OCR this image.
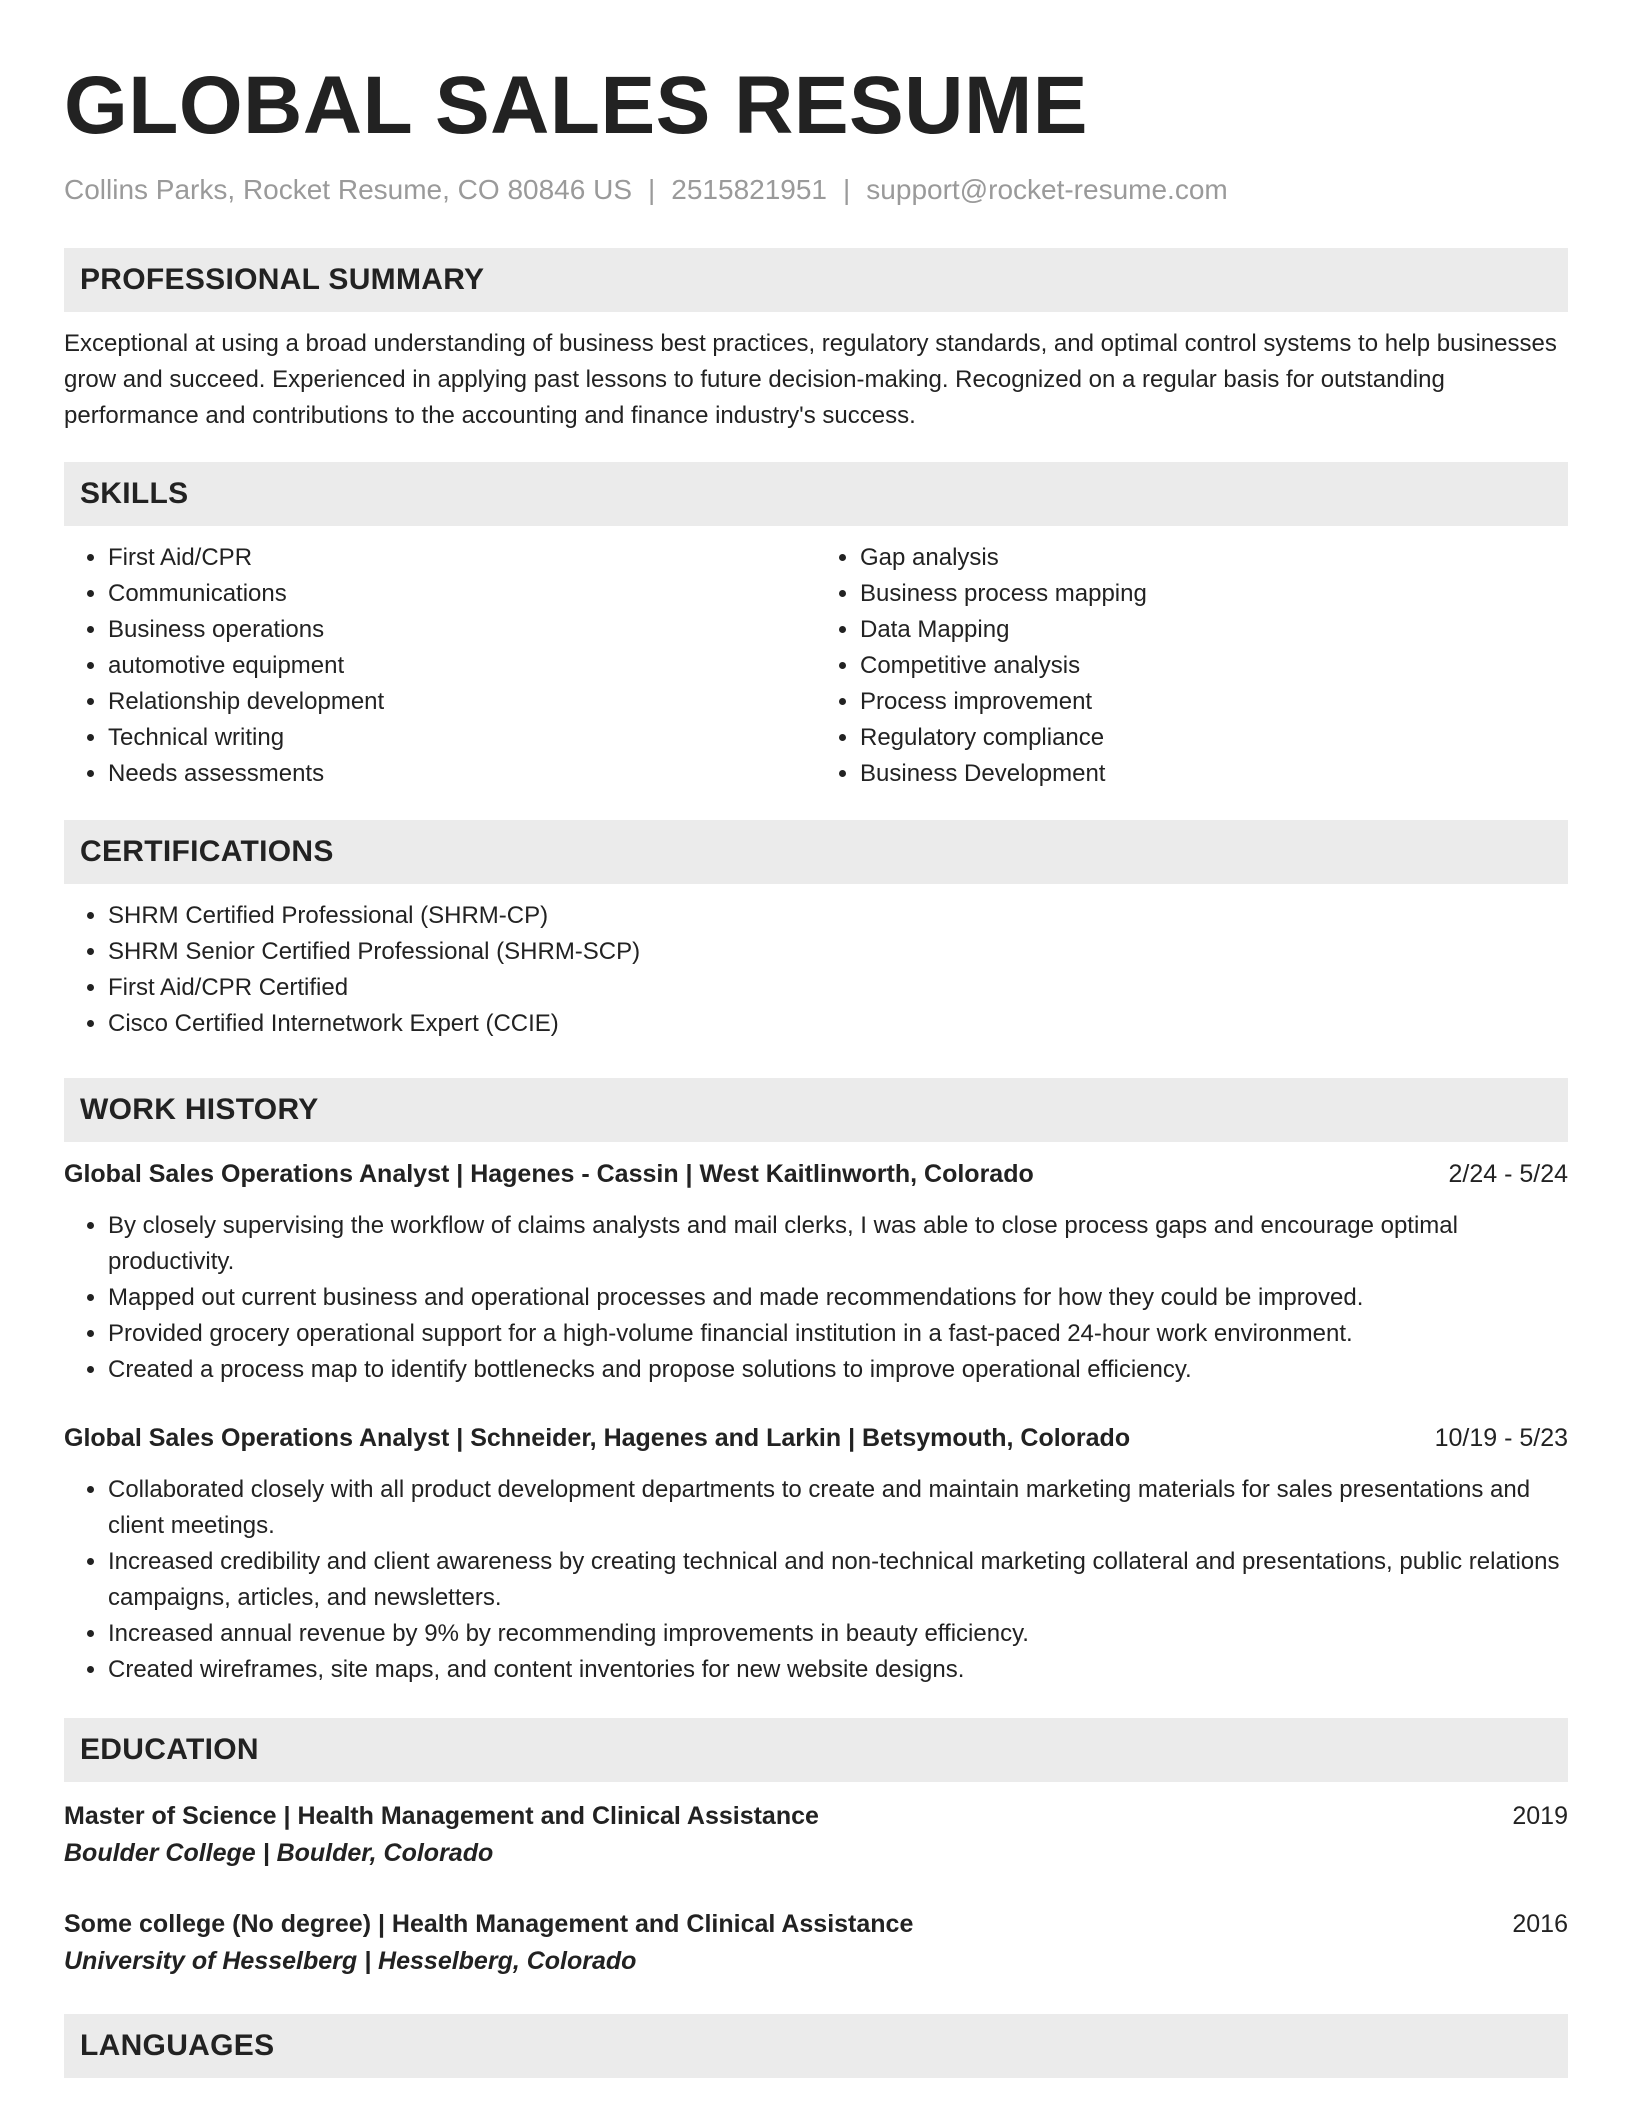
GLOBAL SALES RESUME
Collins Parks, Rocket Resume, CO 80846 US | 2515821951 | support@rocket-resume.com
PROFESSIONAL SUMMARY

Exceptional at using a broad understanding of business best practices, regulatory standards, and optimal control systems to help businesses grow and succeed. Experienced in applying past lessons to future decision-making. Recognized on a regular basis for outstanding performance and contributions to the accounting and finance industry's success.

SKILLS
• First Aid/CPR
• Communications
• Business operations
• automotive equipment
• Relationship development
• Technical writing
• Needs assessments
• Gap analysis
• Business process mapping
• Data Mapping
• Competitive analysis
• Process improvement
• Regulatory compliance
• Business Development
CERTIFICATIONS
• SHRM Certified Professional (SHRM-CP)
• SHRM Senior Certified Professional (SHRM-SCP)
• First Aid/CPR Certified
• Cisco Certified Internetwork Expert (CCIE)
WORK HISTORY
Global Sales Operations Analyst | Hagenes - Cassin | West Kaitlinworth, Colorado	2/24 - 5/24
• By closely supervising the workflow of claims analysts and mail clerks, I was able to close process gaps and encourage optimal productivity.
• Mapped out current business and operational processes and made recommendations for how they could be improved.
• Provided grocery operational support for a high-volume financial institution in a fast-paced 24-hour work environment.
• Created a process map to identify bottlenecks and propose solutions to improve operational efficiency.
Global Sales Operations Analyst | Schneider, Hagenes and Larkin | Betsymouth, Colorado	10/19 - 5/23
• Collaborated closely with all product development departments to create and maintain marketing materials for sales presentations and client meetings.
• Increased credibility and client awareness by creating technical and non-technical marketing collateral and presentations, public relations campaigns, articles, and newsletters.
• Increased annual revenue by 9% by recommending improvements in beauty efficiency.
• Created wireframes, site maps, and content inventories for new website designs.
EDUCATION
Master of Science | Health Management and Clinical Assistance	2019
Boulder College | Boulder, Colorado
Some college (No degree) | Health Management and Clinical Assistance	2016
University of Hesselberg | Hesselberg, Colorado
LANGUAGES
